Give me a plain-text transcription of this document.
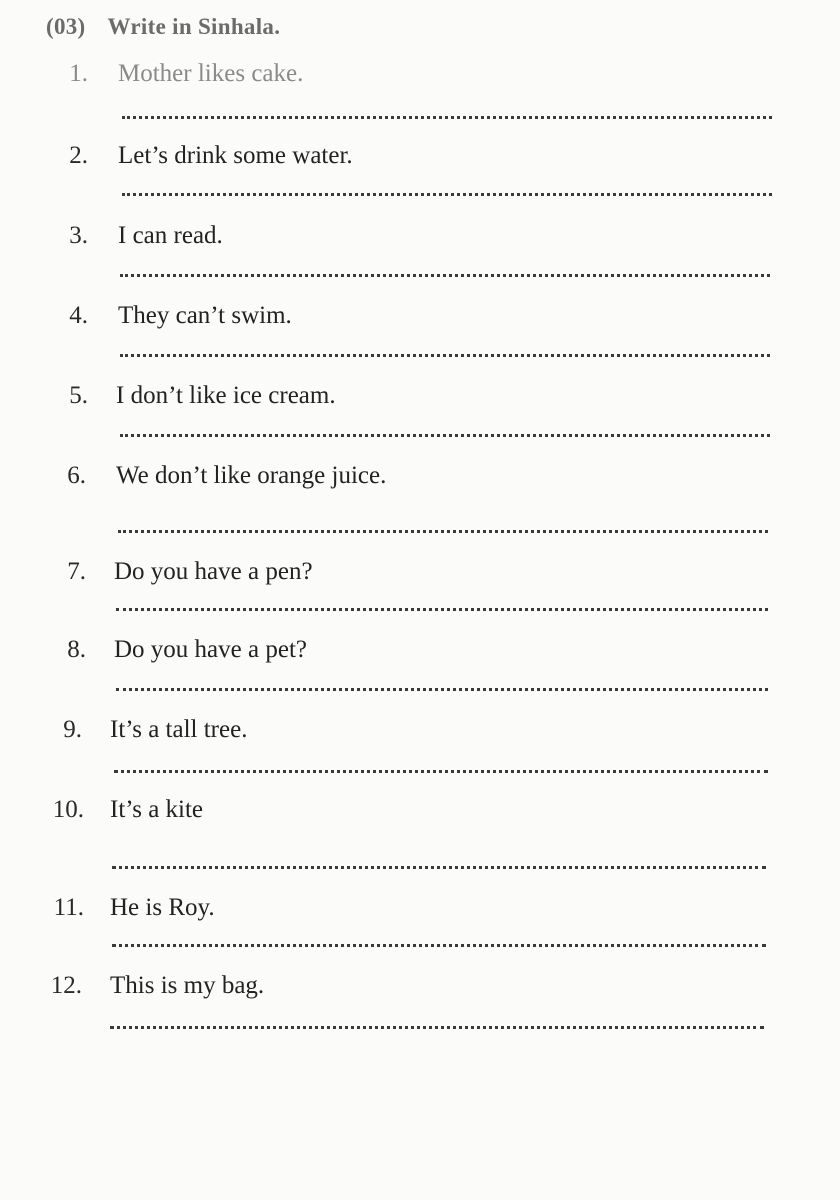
(03) Write in Sinhala.
1. Mother likes cake.
2. Let’s drink some water.
3. I can read.
4. They can’t swim.
5. I don’t like ice cream.
6. We don’t like orange juice.
7. Do you have a pen?
8. Do you have a pet?
9. It’s a tall tree.
10. It’s a kite
11. He is Roy.
12. This is my bag.
